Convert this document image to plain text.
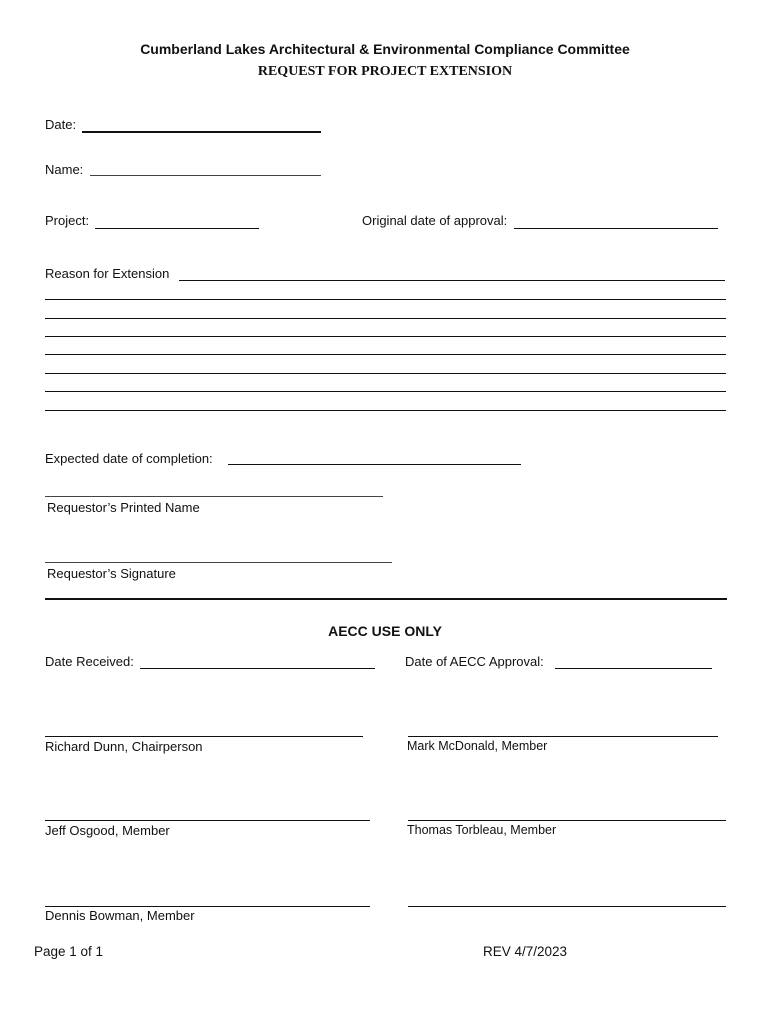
Cumberland Lakes Architectural & Environmental Compliance Committee
REQUEST FOR PROJECT EXTENSION
Date:
Name:
Project:	Original date of approval:
Reason for Extension
Expected date of completion:
Requestor’s Printed Name
Requestor’s Signature
AECC USE ONLY
Date Received:	Date of AECC Approval:
Richard Dunn, Chairperson	Mark McDonald, Member
Jeff Osgood, Member	Thomas Torbleau, Member
Dennis Bowman, Member
Page 1 of 1	REV 4/7/2023
